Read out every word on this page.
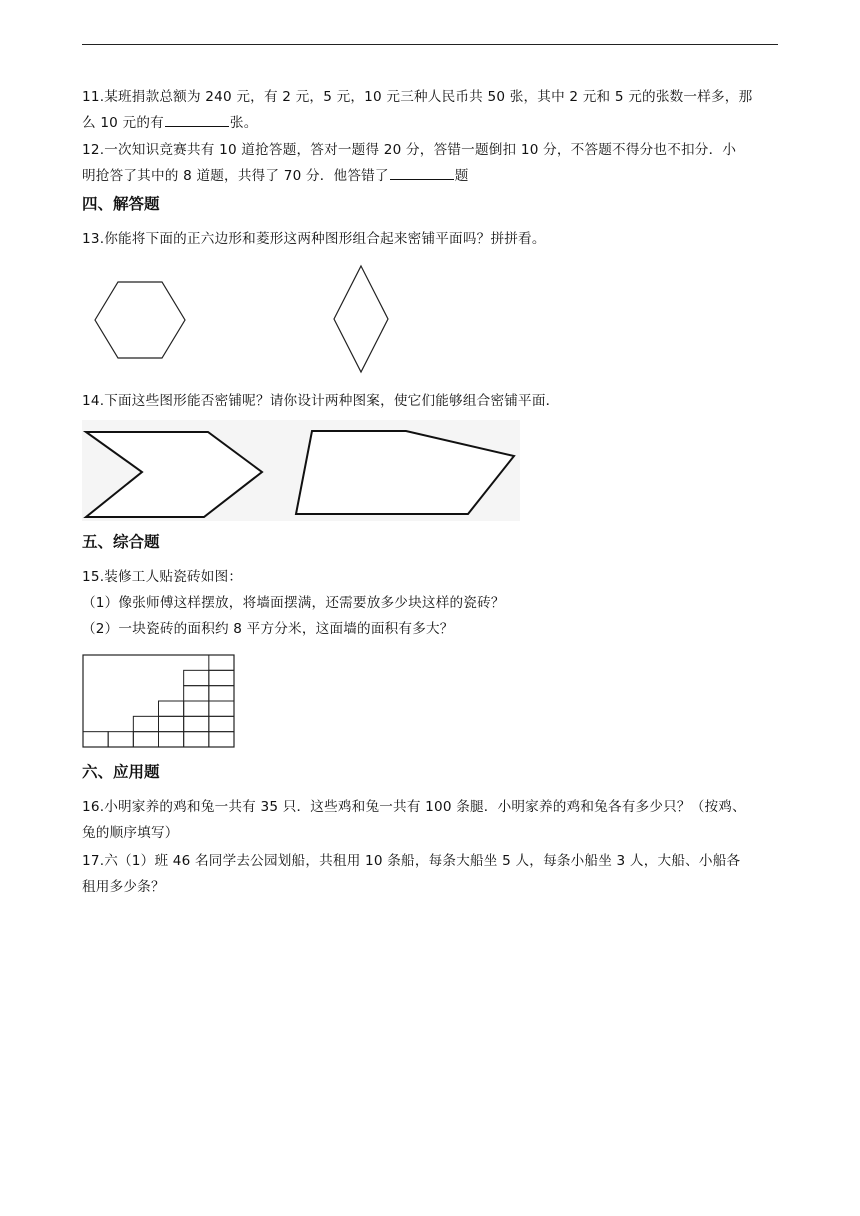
11.某班捐款总额为 240 元，有 2 元，5 元，10 元三种人民币共 50 张，其中 2 元和 5 元的张数一样多，那
么 10 元的有	张。
12.一次知识竞赛共有 10 道抢答题，答对一题得 20 分，答错一题倒扣 10 分，不答题不得分也不扣分．小
明抢答了其中的 8 道题，共得了 70 分．他答错了	题
四、解答题
13.你能将下面的正六边形和菱形这两种图形组合起来密铺平面吗？拼拼看。
14.下面这些图形能否密铺呢？请你设计两种图案，使它们能够组合密铺平面．
五、综合题
15.装修工人贴瓷砖如图：
（1）像张师傅这样摆放，将墙面摆满，还需要放多少块这样的瓷砖？
（2）一块瓷砖的面积约 8 平方分米，这面墙的面积有多大？
六、应用题
16.小明家养的鸡和兔一共有 35 只．这些鸡和兔一共有 100 条腿．小明家养的鸡和兔各有多少只？（按鸡、
兔的顺序填写）
17.六（1）班 46 名同学去公园划船，共租用 10 条船，每条大船坐 5 人，每条小船坐 3 人，大船、小船各
租用多少条？
